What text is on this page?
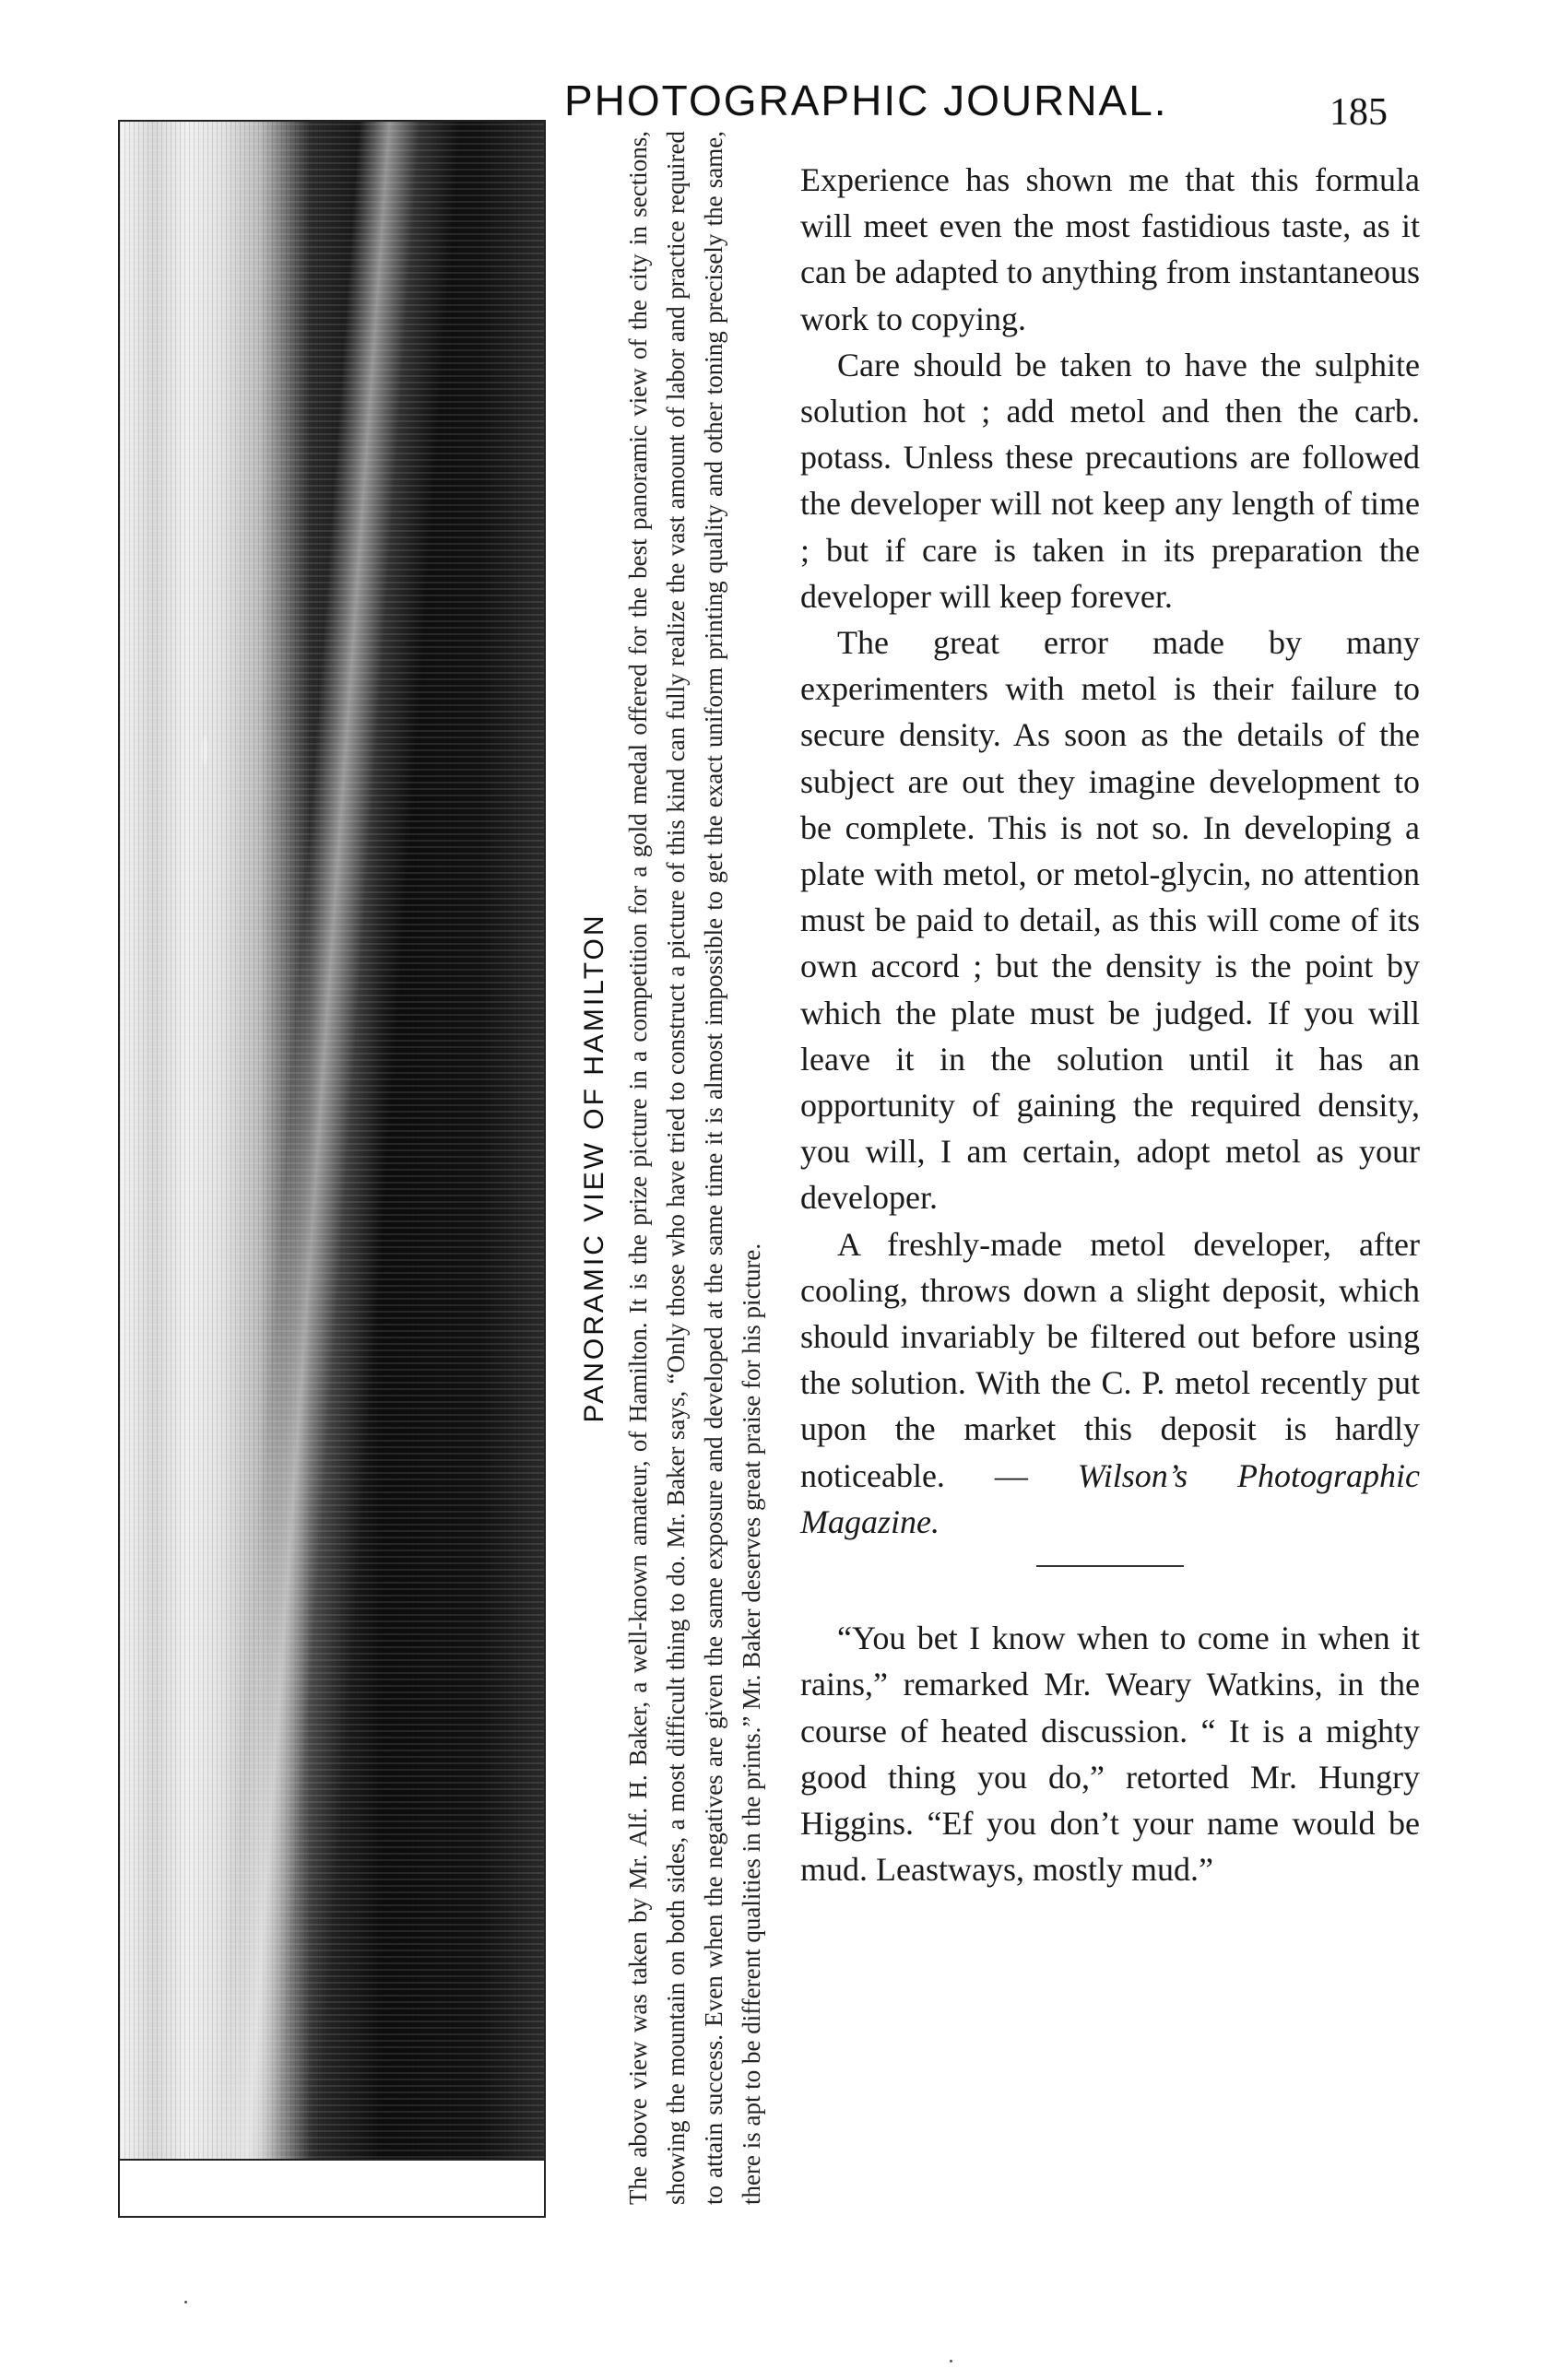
PHOTOGRAPHIC JOURNAL.	185
PANORAMIC VIEW OF HAMILTON The above view was taken by Mr. Alf. H. Baker, a well-known amateur, of Hamilton. It is the prize picture in a competition for a gold medal offered for the best panoramic view of the city in sections, showing the mountain on both sides, a most difficult thing to do. Mr. Baker says, “Only those who have tried to construct a picture of this kind can fully realize the vast amount of labor and practice required to attain success. Even when the negatives are given the same exposure and developed at the same time it is almost impossible to get the exact uniform printing quality and other toning precisely the same, there is apt to be different qualities in the prints.” Mr. Baker deserves great praise for his picture.

Experience has shown me that this formula will meet even the most fastidious taste, as it can be adapted to anything from instantaneous work to copying.

Care should be taken to have the sulphite solution hot ; add metol and then the carb. potass. Unless these precautions are followed the developer will not keep any length of time ; but if care is taken in its preparation the developer will keep forever.

The great error made by many experimenters with metol is their failure to secure density. As soon as the details of the subject are out they imagine development to be complete. This is not so. In developing a plate with metol, or metol-glycin, no attention must be paid to detail, as this will come of its own accord ; but the density is the point by which the plate must be judged. If you will leave it in the solution until it has an opportunity of gaining the required density, you will, I am certain, adopt metol as your developer.

A freshly-made metol developer, after cooling, throws down a slight deposit, which should invariably be filtered out before using the solution. With the C. P. metol recently put upon the market this deposit is hardly noticeable. — Wilson’s Photographic Magazine.

“You bet I know when to come in when it rains,” remarked Mr. Weary Watkins, in the course of heated discussion. “ It is a mighty good thing you do,” retorted Mr. Hungry Higgins. “Ef you don’t your name would be mud. Leastways, mostly mud.”
